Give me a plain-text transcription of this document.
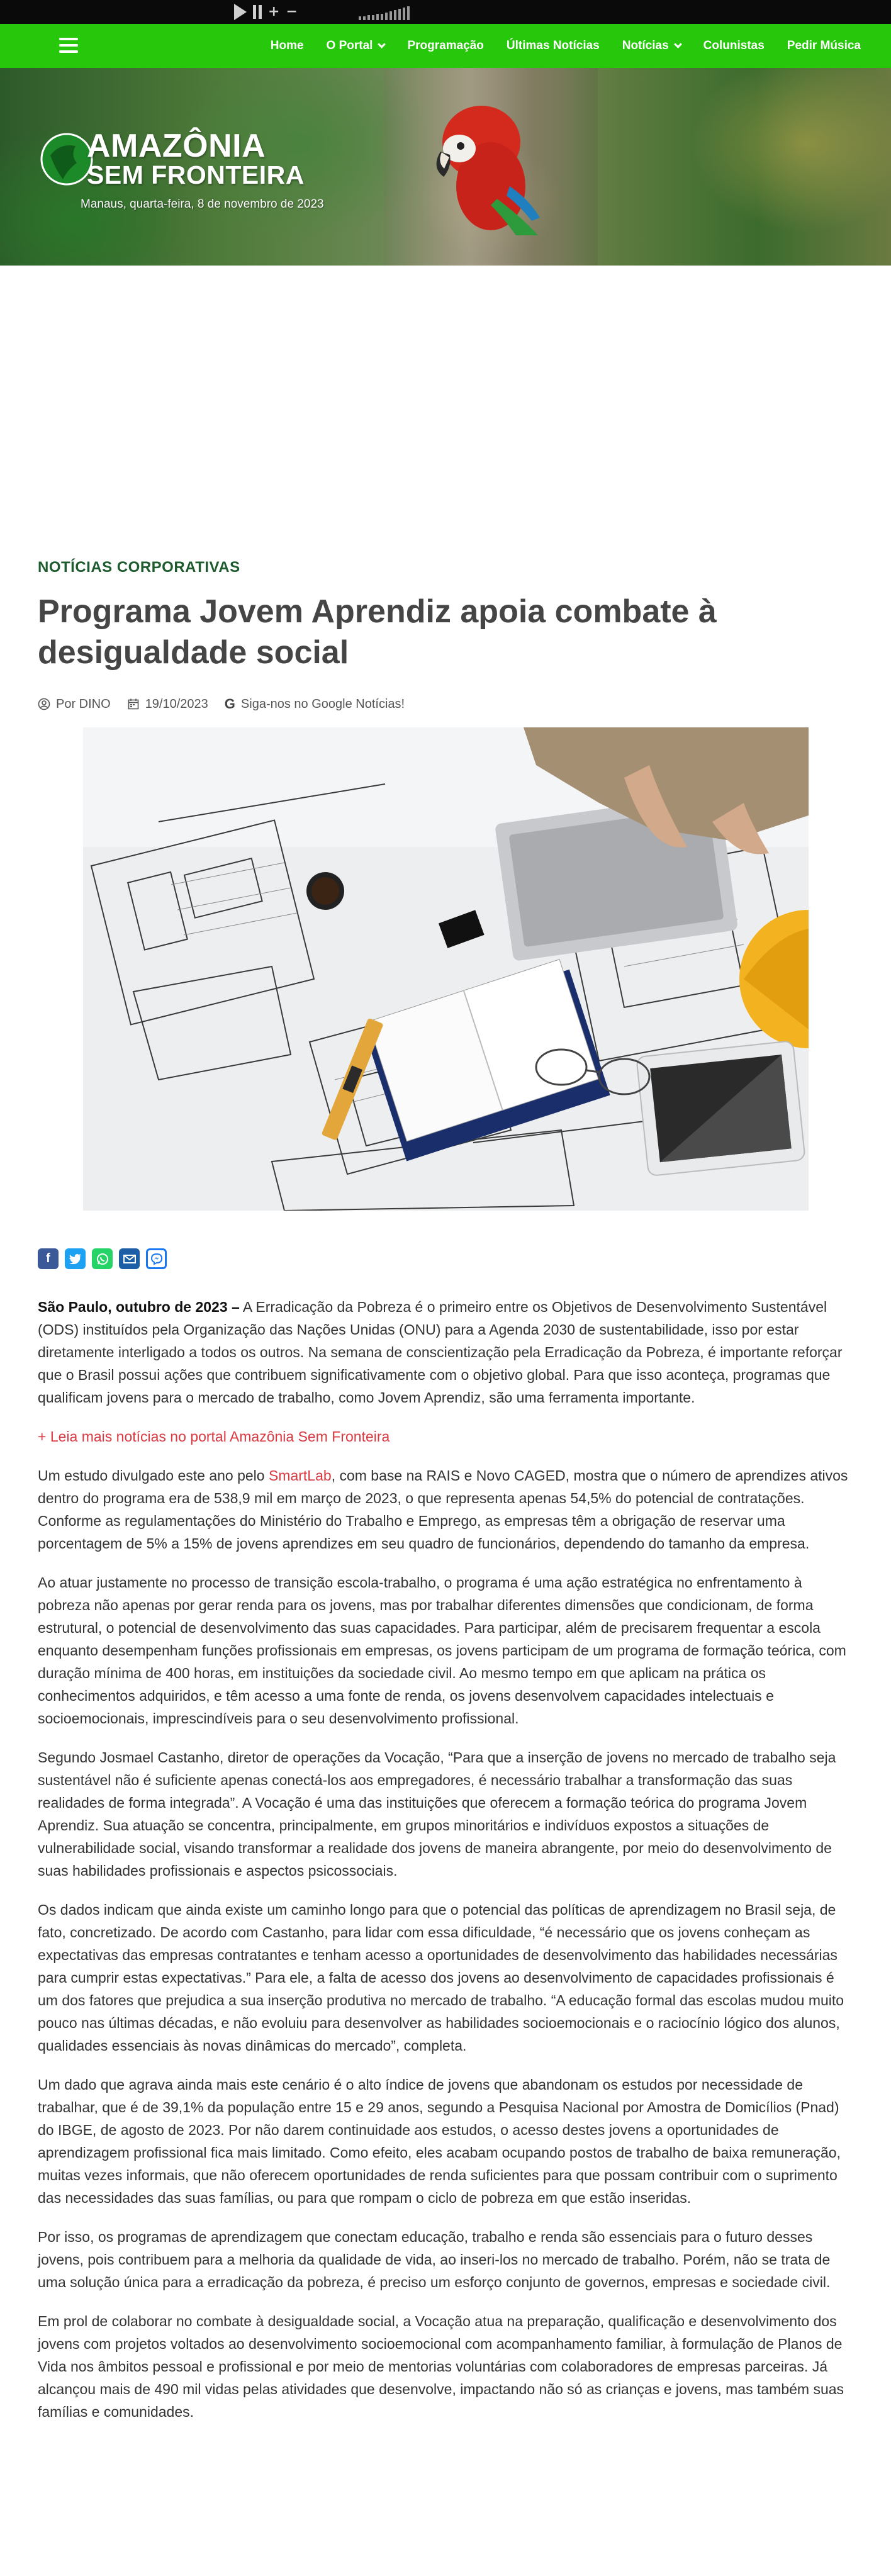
+ −
Home O Portal	Programação Últimas Notícias Notícias	Colunistas Pedir Música
AMAZÔNIA
SEM FRONTEIRA
Manaus, quarta-feira, 8 de novembro de 2023
NOTÍCIAS CORPORATIVAS
Programa Jovem Aprendiz apoia combate à desigualdade social
Por DINO	19/10/2023 G Siga-nos no Google Notícias!
f

São Paulo, outubro de 2023 – A Erradicação da Pobreza é o primeiro entre os Objetivos de Desenvolvimento Sustentável (ODS) instituídos pela Organização das Nações Unidas (ONU) para a Agenda 2030 de sustentabilidade, isso por estar diretamente interligado a todos os outros. Na semana de conscientização pela Erradicação da Pobreza, é importante reforçar que o Brasil possui ações que contribuem significativamente com o objetivo global. Para que isso aconteça, programas que qualificam jovens para o mercado de trabalho, como Jovem Aprendiz, são uma ferramenta importante.

+ Leia mais notícias no portal Amazônia Sem Fronteira

Um estudo divulgado este ano pelo SmartLab, com base na RAIS e Novo CAGED, mostra que o número de aprendizes ativos dentro do programa era de 538,9 mil em março de 2023, o que representa apenas 54,5% do potencial de contratações. Conforme as regulamentações do Ministério do Trabalho e Emprego, as empresas têm a obrigação de reservar uma porcentagem de 5% a 15% de jovens aprendizes em seu quadro de funcionários, dependendo do tamanho da empresa.

Ao atuar justamente no processo de transição escola-trabalho, o programa é uma ação estratégica no enfrentamento à pobreza não apenas por gerar renda para os jovens, mas por trabalhar diferentes dimensões que condicionam, de forma estrutural, o potencial de desenvolvimento das suas capacidades. Para participar, além de precisarem frequentar a escola enquanto desempenham funções profissionais em empresas, os jovens participam de um programa de formação teórica, com duração mínima de 400 horas, em instituições da sociedade civil. Ao mesmo tempo em que aplicam na prática os conhecimentos adquiridos, e têm acesso a uma fonte de renda, os jovens desenvolvem capacidades intelectuais e socioemocionais, imprescindíveis para o seu desenvolvimento profissional.

Segundo Josmael Castanho, diretor de operações da Vocação, “Para que a inserção de jovens no mercado de trabalho seja sustentável não é suficiente apenas conectá-los aos empregadores, é necessário trabalhar a transformação das suas realidades de forma integrada”. A Vocação é uma das instituições que oferecem a formação teórica do programa Jovem Aprendiz. Sua atuação se concentra, principalmente, em grupos minoritários e indivíduos expostos a situações de vulnerabilidade social, visando transformar a realidade dos jovens de maneira abrangente, por meio do desenvolvimento de suas habilidades profissionais e aspectos psicossociais.

Os dados indicam que ainda existe um caminho longo para que o potencial das políticas de aprendizagem no Brasil seja, de fato, concretizado. De acordo com Castanho, para lidar com essa dificuldade, “é necessário que os jovens conheçam as expectativas das empresas contratantes e tenham acesso a oportunidades de desenvolvimento das habilidades necessárias para cumprir estas expectativas.” Para ele, a falta de acesso dos jovens ao desenvolvimento de capacidades profissionais é um dos fatores que prejudica a sua inserção produtiva no mercado de trabalho. “A educação formal das escolas mudou muito pouco nas últimas décadas, e não evoluiu para desenvolver as habilidades socioemocionais e o raciocínio lógico dos alunos, qualidades essenciais às novas dinâmicas do mercado”, completa.

Um dado que agrava ainda mais este cenário é o alto índice de jovens que abandonam os estudos por necessidade de trabalhar, que é de 39,1% da população entre 15 e 29 anos, segundo a Pesquisa Nacional por Amostra de Domicílios (Pnad) do IBGE, de agosto de 2023. Por não darem continuidade aos estudos, o acesso destes jovens a oportunidades de aprendizagem profissional fica mais limitado. Como efeito, eles acabam ocupando postos de trabalho de baixa remuneração, muitas vezes informais, que não oferecem oportunidades de renda suficientes para que possam contribuir com o suprimento das necessidades das suas famílias, ou para que rompam o ciclo de pobreza em que estão inseridas.

Por isso, os programas de aprendizagem que conectam educação, trabalho e renda são essenciais para o futuro desses jovens, pois contribuem para a melhoria da qualidade de vida, ao inseri-los no mercado de trabalho. Porém, não se trata de uma solução única para a erradicação da pobreza, é preciso um esforço conjunto de governos, empresas e sociedade civil.

Em prol de colaborar no combate à desigualdade social, a Vocação atua na preparação, qualificação e desenvolvimento dos jovens com projetos voltados ao desenvolvimento socioemocional com acompanhamento familiar, à formulação de Planos de Vida nos âmbitos pessoal e profissional e por meio de mentorias voluntárias com colaboradores de empresas parceiras. Já alcançou mais de 490 mil vidas pelas atividades que desenvolve, impactando não só as crianças e jovens, mas também suas famílias e comunidades.
